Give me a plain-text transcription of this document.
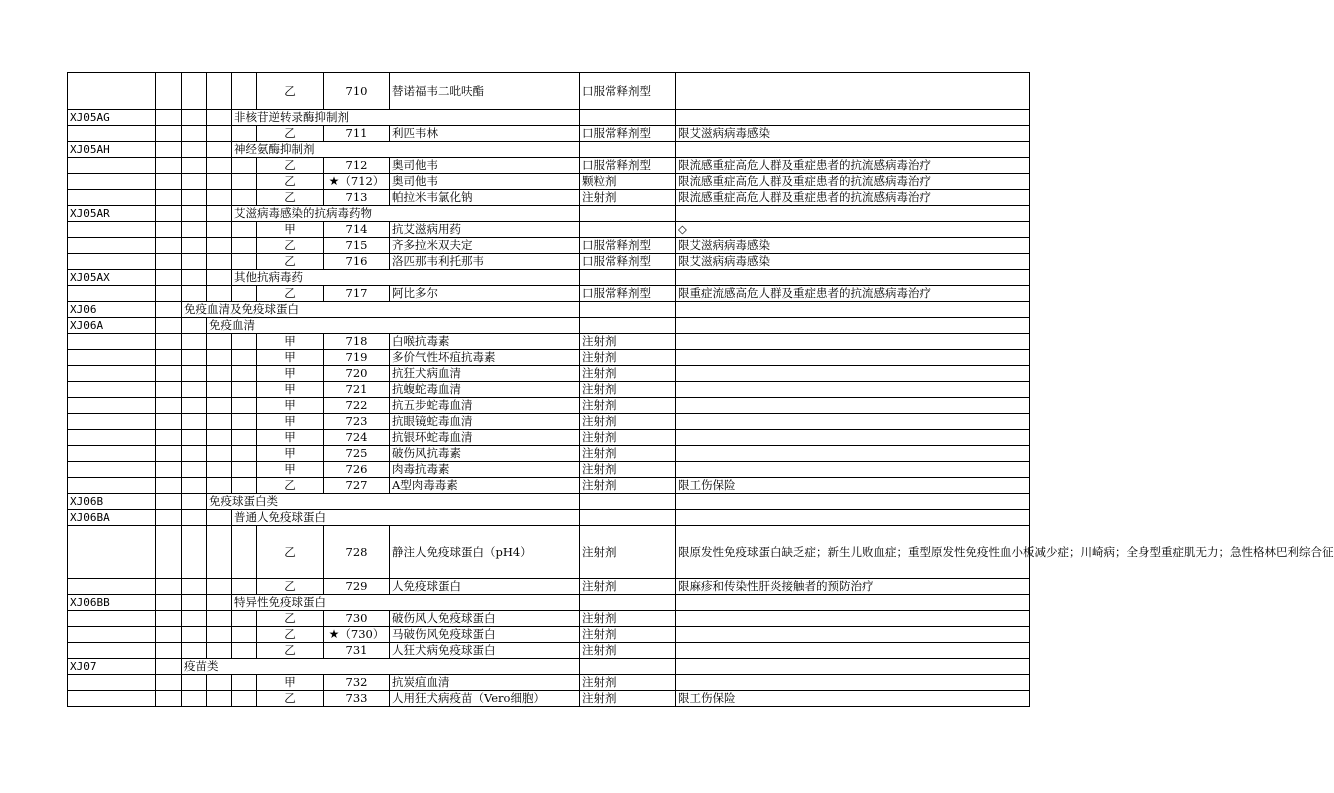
					乙	710	替诺福韦二吡呋酯	口服常释剂型		
XJ05AG				非核苷逆转录酶抑制剂						
					乙	711	利匹韦林	口服常释剂型	限艾滋病病毒感染	
XJ05AH				神经氨酶抑制剂						
					乙	712	奥司他韦	口服常释剂型	限流感重症高危人群及重症患者的抗流感病毒治疗	
					乙	★（712）	奥司他韦	颗粒剂	限流感重症高危人群及重症患者的抗流感病毒治疗	
					乙	713	帕拉米韦氯化钠	注射剂	限流感重症高危人群及重症患者的抗流感病毒治疗	
XJ05AR				艾滋病毒感染的抗病毒药物						
					甲	714	抗艾滋病用药		◇	
					乙	715	齐多拉米双夫定	口服常释剂型	限艾滋病病毒感染	
					乙	716	洛匹那韦利托那韦	口服常释剂型	限艾滋病病毒感染	
XJ05AX				其他抗病毒药						
					乙	717	阿比多尔	口服常释剂型	限重症流感高危人群及重症患者的抗流感病毒治疗	
XJ06		免疫血清及免疫球蛋白								
XJ06A			免疫血清							
					甲	718	白喉抗毒素	注射剂		
					甲	719	多价气性坏疽抗毒素	注射剂		
					甲	720	抗狂犬病血清	注射剂		
					甲	721	抗蝮蛇毒血清	注射剂		
					甲	722	抗五步蛇毒血清	注射剂		
					甲	723	抗眼镜蛇毒血清	注射剂		
					甲	724	抗银环蛇毒血清	注射剂		
					甲	725	破伤风抗毒素	注射剂		
					甲	726	肉毒抗毒素	注射剂		
					乙	727	A型肉毒毒素	注射剂	限工伤保险	
XJ06B			免疫球蛋白类							
XJ06BA				普通人免疫球蛋白						
					乙	728	静注人免疫球蛋白（pH4）	注射剂	限原发性免疫球蛋白缺乏症；新生儿败血症；重型原发性免疫性血小板减少症；川崎病；全身型重症肌无力；急性格林巴利综合征	
					乙	729	人免疫球蛋白	注射剂	限麻疹和传染性肝炎接触者的预防治疗	
XJ06BB				特异性免疫球蛋白						
					乙	730	破伤风人免疫球蛋白	注射剂		
					乙	★（730）	马破伤风免疫球蛋白	注射剂		
					乙	731	人狂犬病免疫球蛋白	注射剂		
XJ07		疫苗类								
					甲	732	抗炭疽血清	注射剂		
					乙	733	人用狂犬病疫苗（Vero细胞）	注射剂	限工伤保险	
